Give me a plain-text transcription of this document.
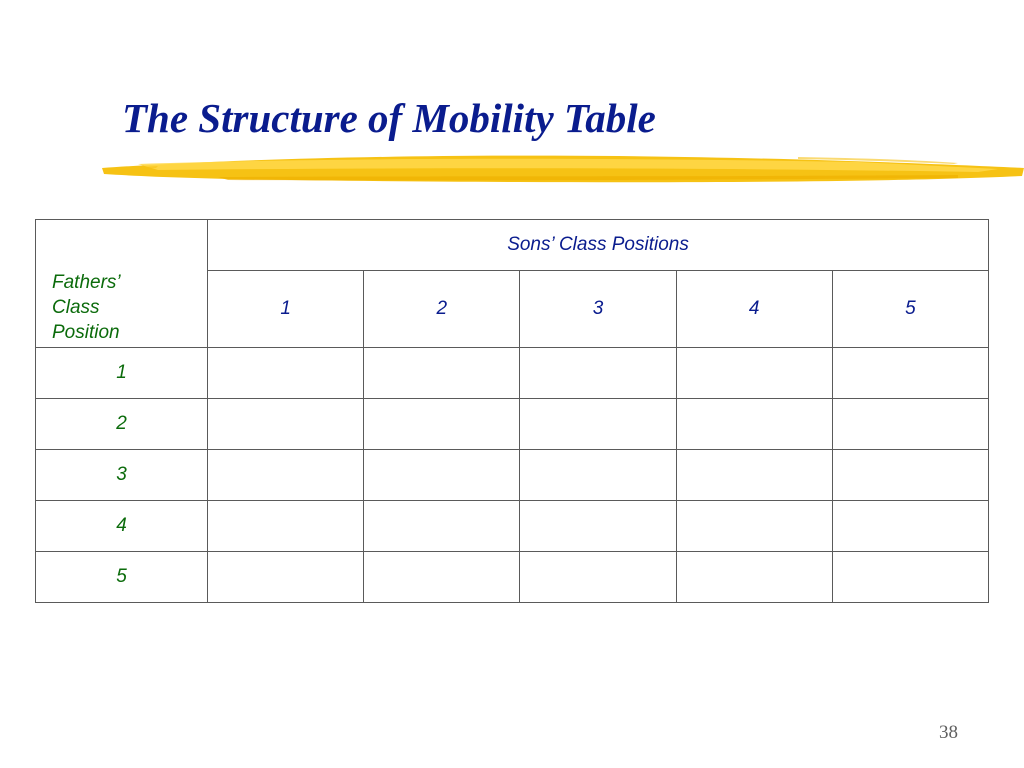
The Structure of Mobility Table
Fathers’
Class
Position	Sons’ Class Positions				
	1	2	3	4	5
1					
2					
3					
4					
5					
38
